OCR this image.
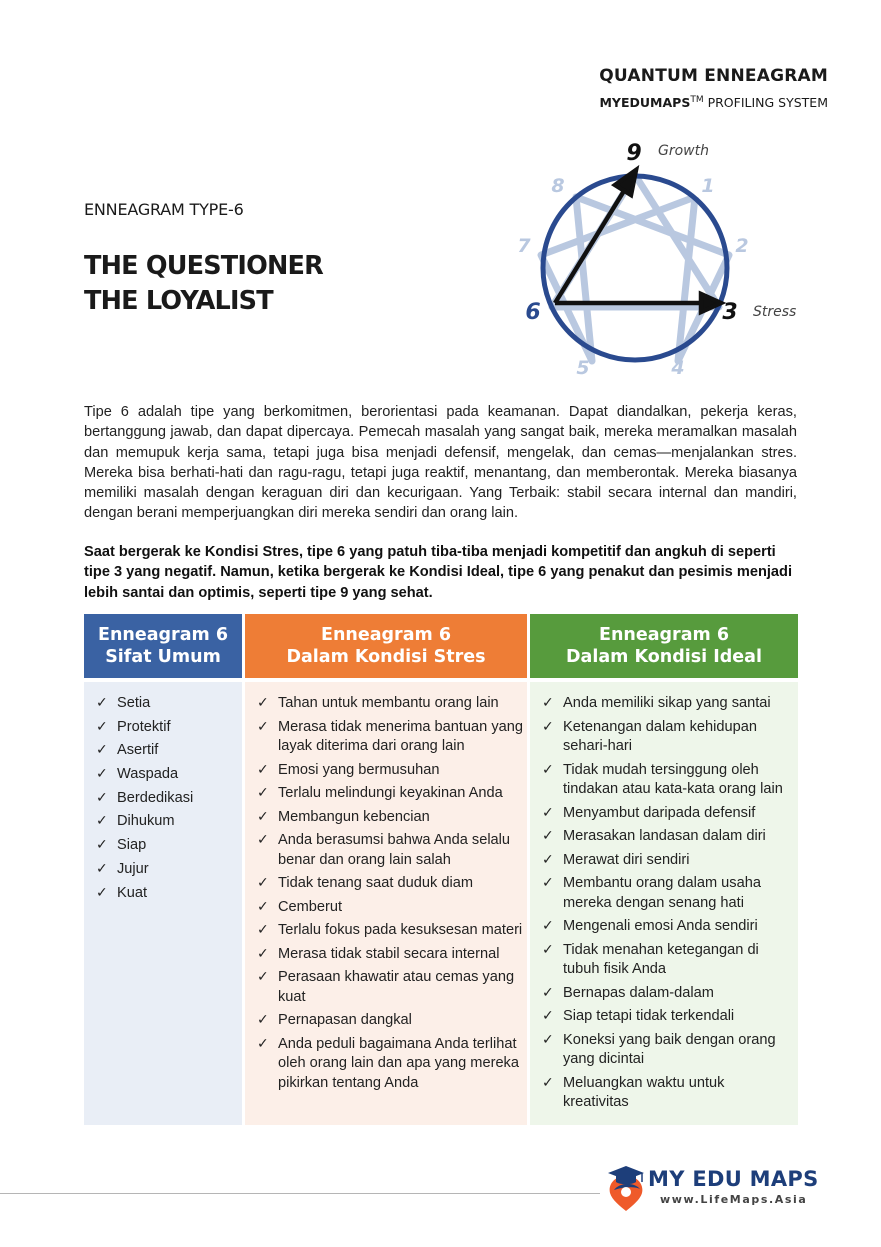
QUANTUM ENNEAGRAM
MYEDUMAPS™ PROFILING SYSTEM
ENNEAGRAM TYPE-6
THE QUESTIONER
THE LOYALIST
9
1
2
3
4
5
6
7
8
Growth
Stress

Tipe 6 adalah tipe yang berkomitmen, berorientasi pada keamanan. Dapat diandalkan, pekerja keras, bertanggung jawab, dan dapat dipercaya. Pemecah masalah yang sangat baik, mereka meramalkan masalah dan memupuk kerja sama, tetapi juga bisa menjadi defensif, mengelak, dan cemas—menjalankan stres. Mereka bisa berhati-hati dan ragu-ragu, tetapi juga reaktif, menantang, dan memberontak. Mereka biasanya memiliki masalah dengan keraguan diri dan kecurigaan. Yang Terbaik: stabil secara internal dan mandiri, dengan berani memperjuangkan diri mereka sendiri dan orang lain.

Saat bergerak ke Kondisi Stres, tipe 6 yang patuh tiba-tiba menjadi kompetitif dan angkuh di seperti tipe 3 yang negatif. Namun, ketika bergerak ke Kondisi Ideal, tipe 6 yang penakut dan pesimis menjadi lebih santai dan optimis, seperti tipe 9 yang sehat.

Enneagram 6
Sifat Umum
✓ Setia
✓ Protektif
✓ Asertif
✓ Waspada
✓ Berdedikasi
✓ Dihukum
✓ Siap
✓ Jujur
✓ Kuat
Enneagram 6
Dalam Kondisi Stres
✓ Tahan untuk membantu orang lain
✓ Merasa tidak menerima bantuan yang layak diterima dari orang lain
✓ Emosi yang bermusuhan
✓ Terlalu melindungi keyakinan Anda
✓ Membangun kebencian
✓ Anda berasumsi bahwa Anda selalu benar dan orang lain salah
✓ Tidak tenang saat duduk diam
✓ Cemberut
✓ Terlalu fokus pada kesuksesan materi
✓ Merasa tidak stabil secara internal
✓ Perasaan khawatir atau cemas yang kuat
✓ Pernapasan dangkal
✓ Anda peduli bagaimana Anda terlihat oleh orang lain dan apa yang mereka pikirkan tentang Anda
Enneagram 6
Dalam Kondisi Ideal
✓ Anda memiliki sikap yang santai
✓ Ketenangan dalam kehidupan sehari-hari
✓ Tidak mudah tersinggung oleh tindakan atau kata-kata orang lain
✓ Menyambut daripada defensif
✓ Merasakan landasan dalam diri
✓ Merawat diri sendiri
✓ Membantu orang dalam usaha mereka dengan senang hati
✓ Mengenali emosi Anda sendiri
✓ Tidak menahan ketegangan di tubuh fisik Anda
✓ Bernapas dalam-dalam
✓ Siap tetapi tidak terkendali
✓ Koneksi yang baik dengan orang yang dicintai
✓ Meluangkan waktu untuk kreativitas
MY EDU MAPS
www.LifeMaps.Asia
